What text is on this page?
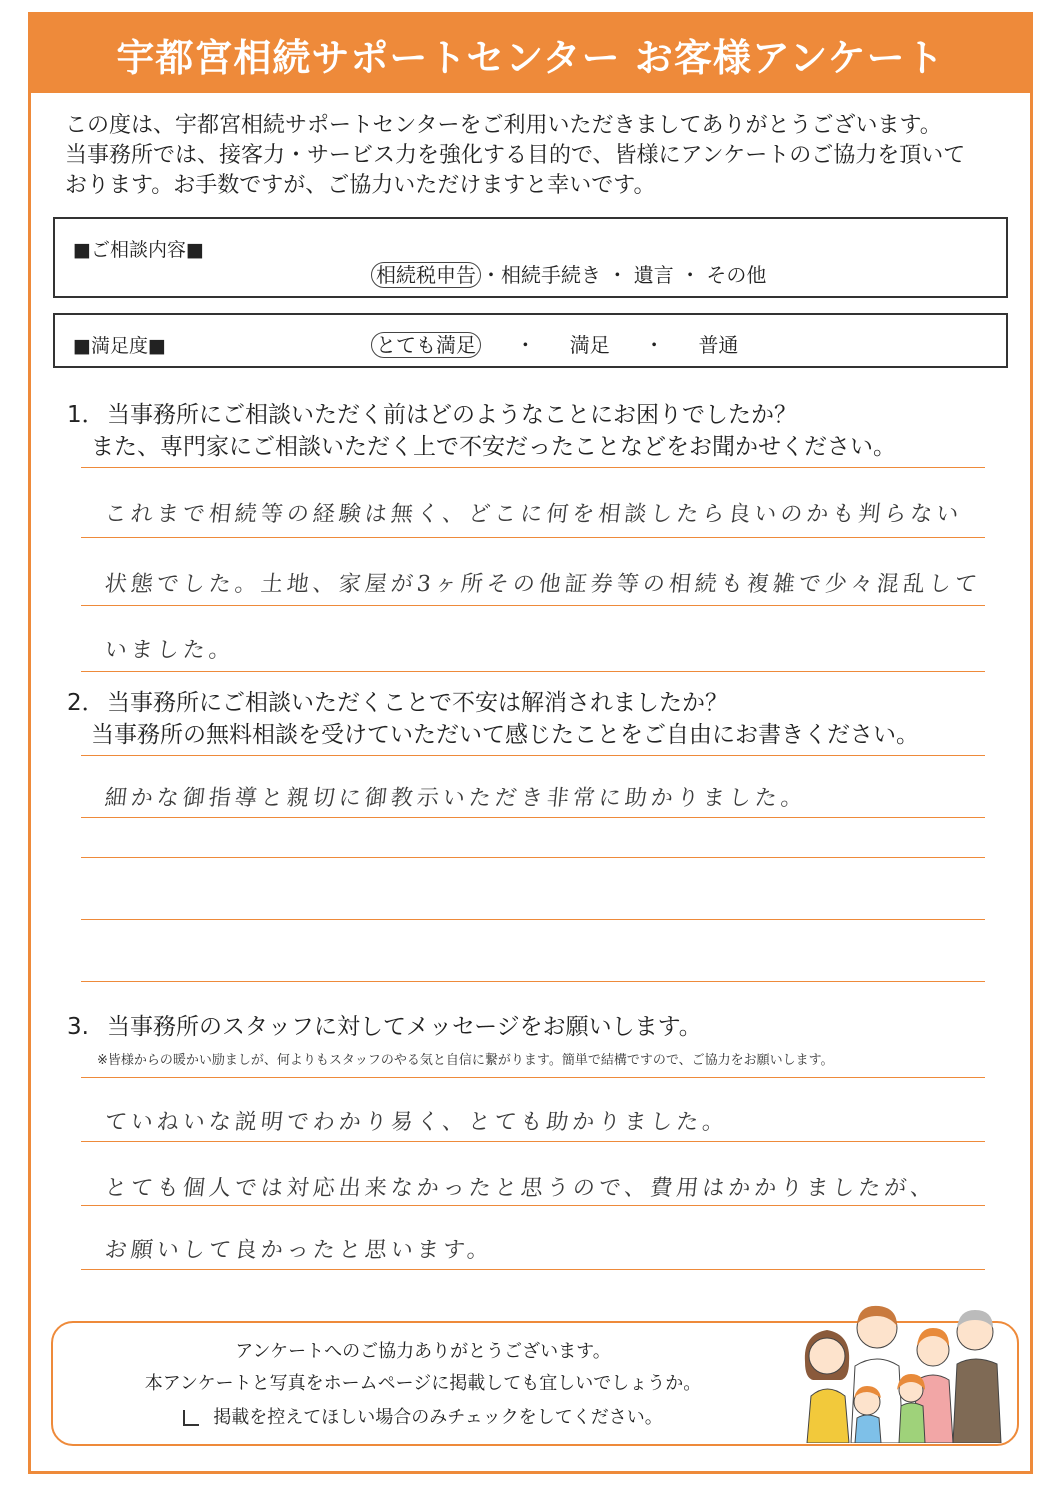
宇都宮相続サポートセンター お客様アンケート
この度は、宇都宮相続サポートセンターをご利用いただきましてありがとうございます。
当事務所では、接客力・サービス力を強化する目的で、皆様にアンケートのご協力を頂いて
おります。お手数ですが、ご協力いただけますと幸いです。
■ご相談内容■
相続税申告 ・相続手続き ・ 遺言 ・ その他
■満足度■	とても満足 ・ 満足 ・ 普通
1． 当事務所にご相談いただく前はどのようなことにお困りでしたか？
また、専門家にご相談いただく上で不安だったことなどをお聞かせください。
これまで相続等の経験は無く、どこに何を相談したら良いのかも判らない
状態でした。土地、家屋が3ヶ所その他証券等の相続も複雑で少々混乱して
いました。
2． 当事務所にご相談いただくことで不安は解消されましたか？
当事務所の無料相談を受けていただいて感じたことをご自由にお書きください。
細かな御指導と親切に御教示いただき非常に助かりました。
3. 当事務所のスタッフに対してメッセージをお願いします。
※皆様からの暖かい励ましが、何よりもスタッフのやる気と自信に繋がります。簡単で結構ですので、ご協力をお願いします。
ていねいな説明でわかり易く、とても助かりました。
とても個人では対応出来なかったと思うので、費用はかかりましたが、
お願いして良かったと思います。
アンケートへのご協力ありがとうございます。
本アンケートと写真をホームページに掲載しても宜しいでしょうか。
掲載を控えてほしい場合のみチェックをしてください。
